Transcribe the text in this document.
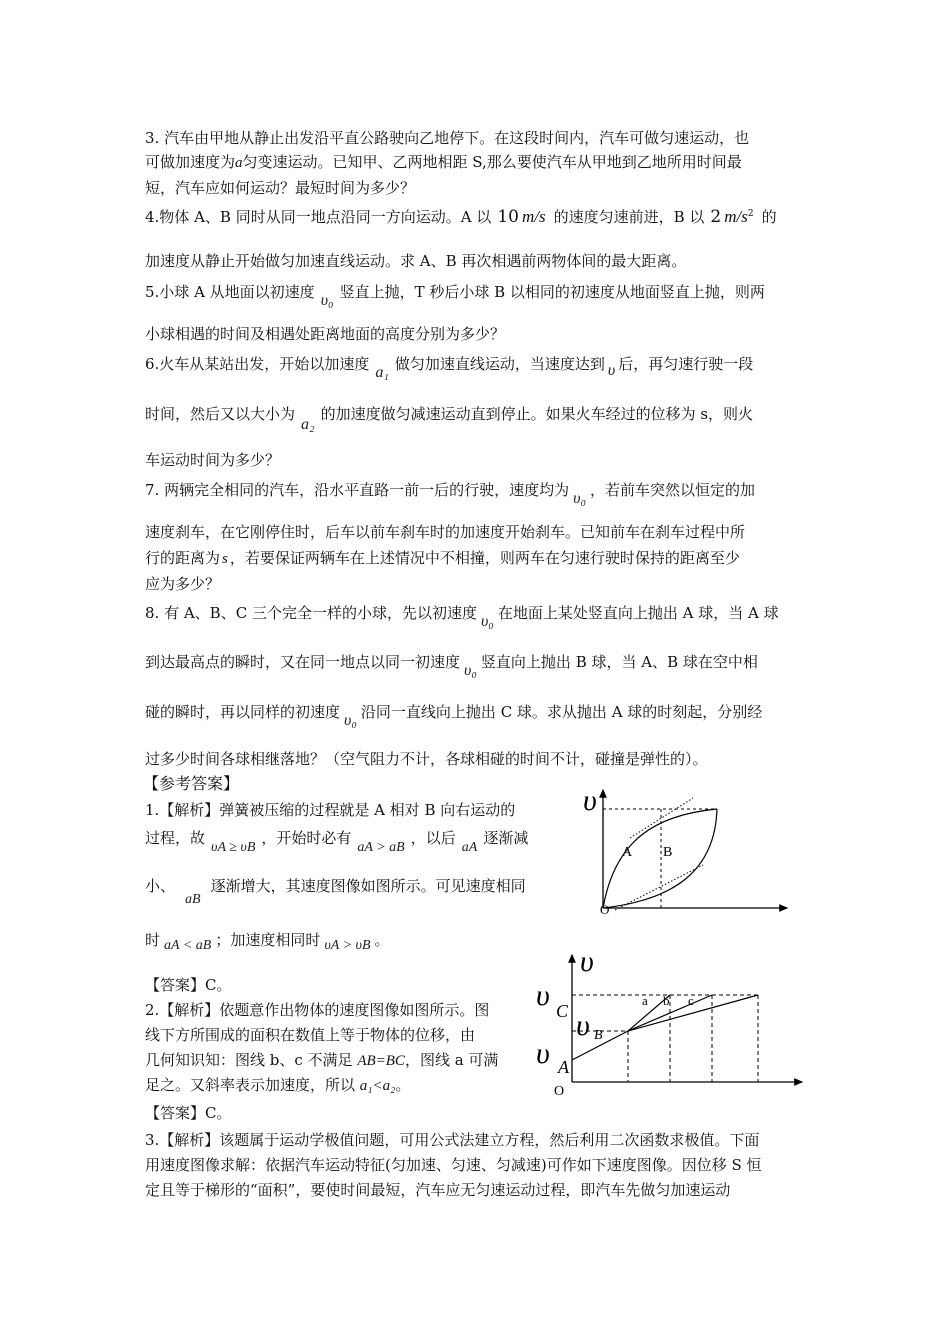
3. 汽车由甲地从静止出发沿平直公路驶向乙地停下。在这段时间内，汽车可做匀速运动，也
可做加速度为a匀变速运动。已知甲、乙两地相距 S,那么要使汽车从甲地到乙地所用时间最
短，汽车应如何运动？最短时间为多少？
4.物体 A、B 同时从同一地点沿同一方向运动。A 以 10 m/s 的速度匀速前进，B 以 2 $m/s^2$ 的
加速度从静止开始做匀加速直线运动。求 A、B 再次相遇前两物体间的最大距离。
5.小球 A 从地面以初速度 υ₀ 竖直上抛，T 秒后小球 B 以相同的初速度从地面竖直上抛，则两
小球相遇的时间及相遇处距离地面的高度分别为多少？
6.火车从某站出发，开始以加速度 a₁ 做匀加速直线运动，当速度达到 υ 后，再匀速行驶一段
时间，然后又以大小为a₂的加速度做匀减速运动直到停止。如果火车经过的位移为 s，则火
车运动时间为多少？
7. 两辆完全相同的汽车，沿水平直路一前一后的行驶，速度均为 υ₀ ，若前车突然以恒定的加
速度刹车，在它刚停住时，后车以前车刹车时的加速度开始刹车。已知前车在刹车过程中所
行的距离为 s ，若要保证两辆车在上述情况中不相撞，则两车在匀速行驶时保持的距离至少
应为多少？
8. 有 A、B、C 三个完全一样的小球，先以初速度 υ₀ 在地面上某处竖直向上抛出 A 球，当 A 球
到达最高点的瞬时，又在同一地点以同一初速度 υ₀ 竖直向上抛出 B 球，当 A、B 球在空中相
碰的瞬时，再以同样的初速度 υ₀ 沿同一直线向上抛出 C 球。求从抛出 A 球的时刻起，分别经
过多少时间各球相继落地？（空气阻力不计，各球相碰的时间不计，碰撞是弹性的）。
【参考答案】
1.【解析】弹簧被压缩的过程就是 A 相对 B 向右运动的
过程，故υA ≥ υB，开始时必有aA > aB，以后aA逐渐减
小、aB逐渐增大，其速度图像如图所示。可见速度相同
时 aA < aB ；加速度相同时 υA > υB 。
【答案】C。
2.【解析】依题意作出物体的速度图像如图所示。图
线下方所围成的面积在数值上等于物体的位移，由
几何知识知：图线 b、c 不满足 AB=BC，图线 a 可满
足之。又斜率表示加速度，所以 a₁<a₂。
【答案】C。
3.【解析】该题属于运动学极值问题，可用公式法建立方程，然后利用二次函数求极值。下面
用速度图像求解：依据汽车运动特征(匀加速、匀速、匀减速)可作如下速度图像。因位移 S 恒
定且等于梯形的“面积”，要使时间最短，汽车应无匀速运动过程，即汽车先做匀加速运动
υ
O
A B
υ
υ C υ B
υ A
O
a b c
